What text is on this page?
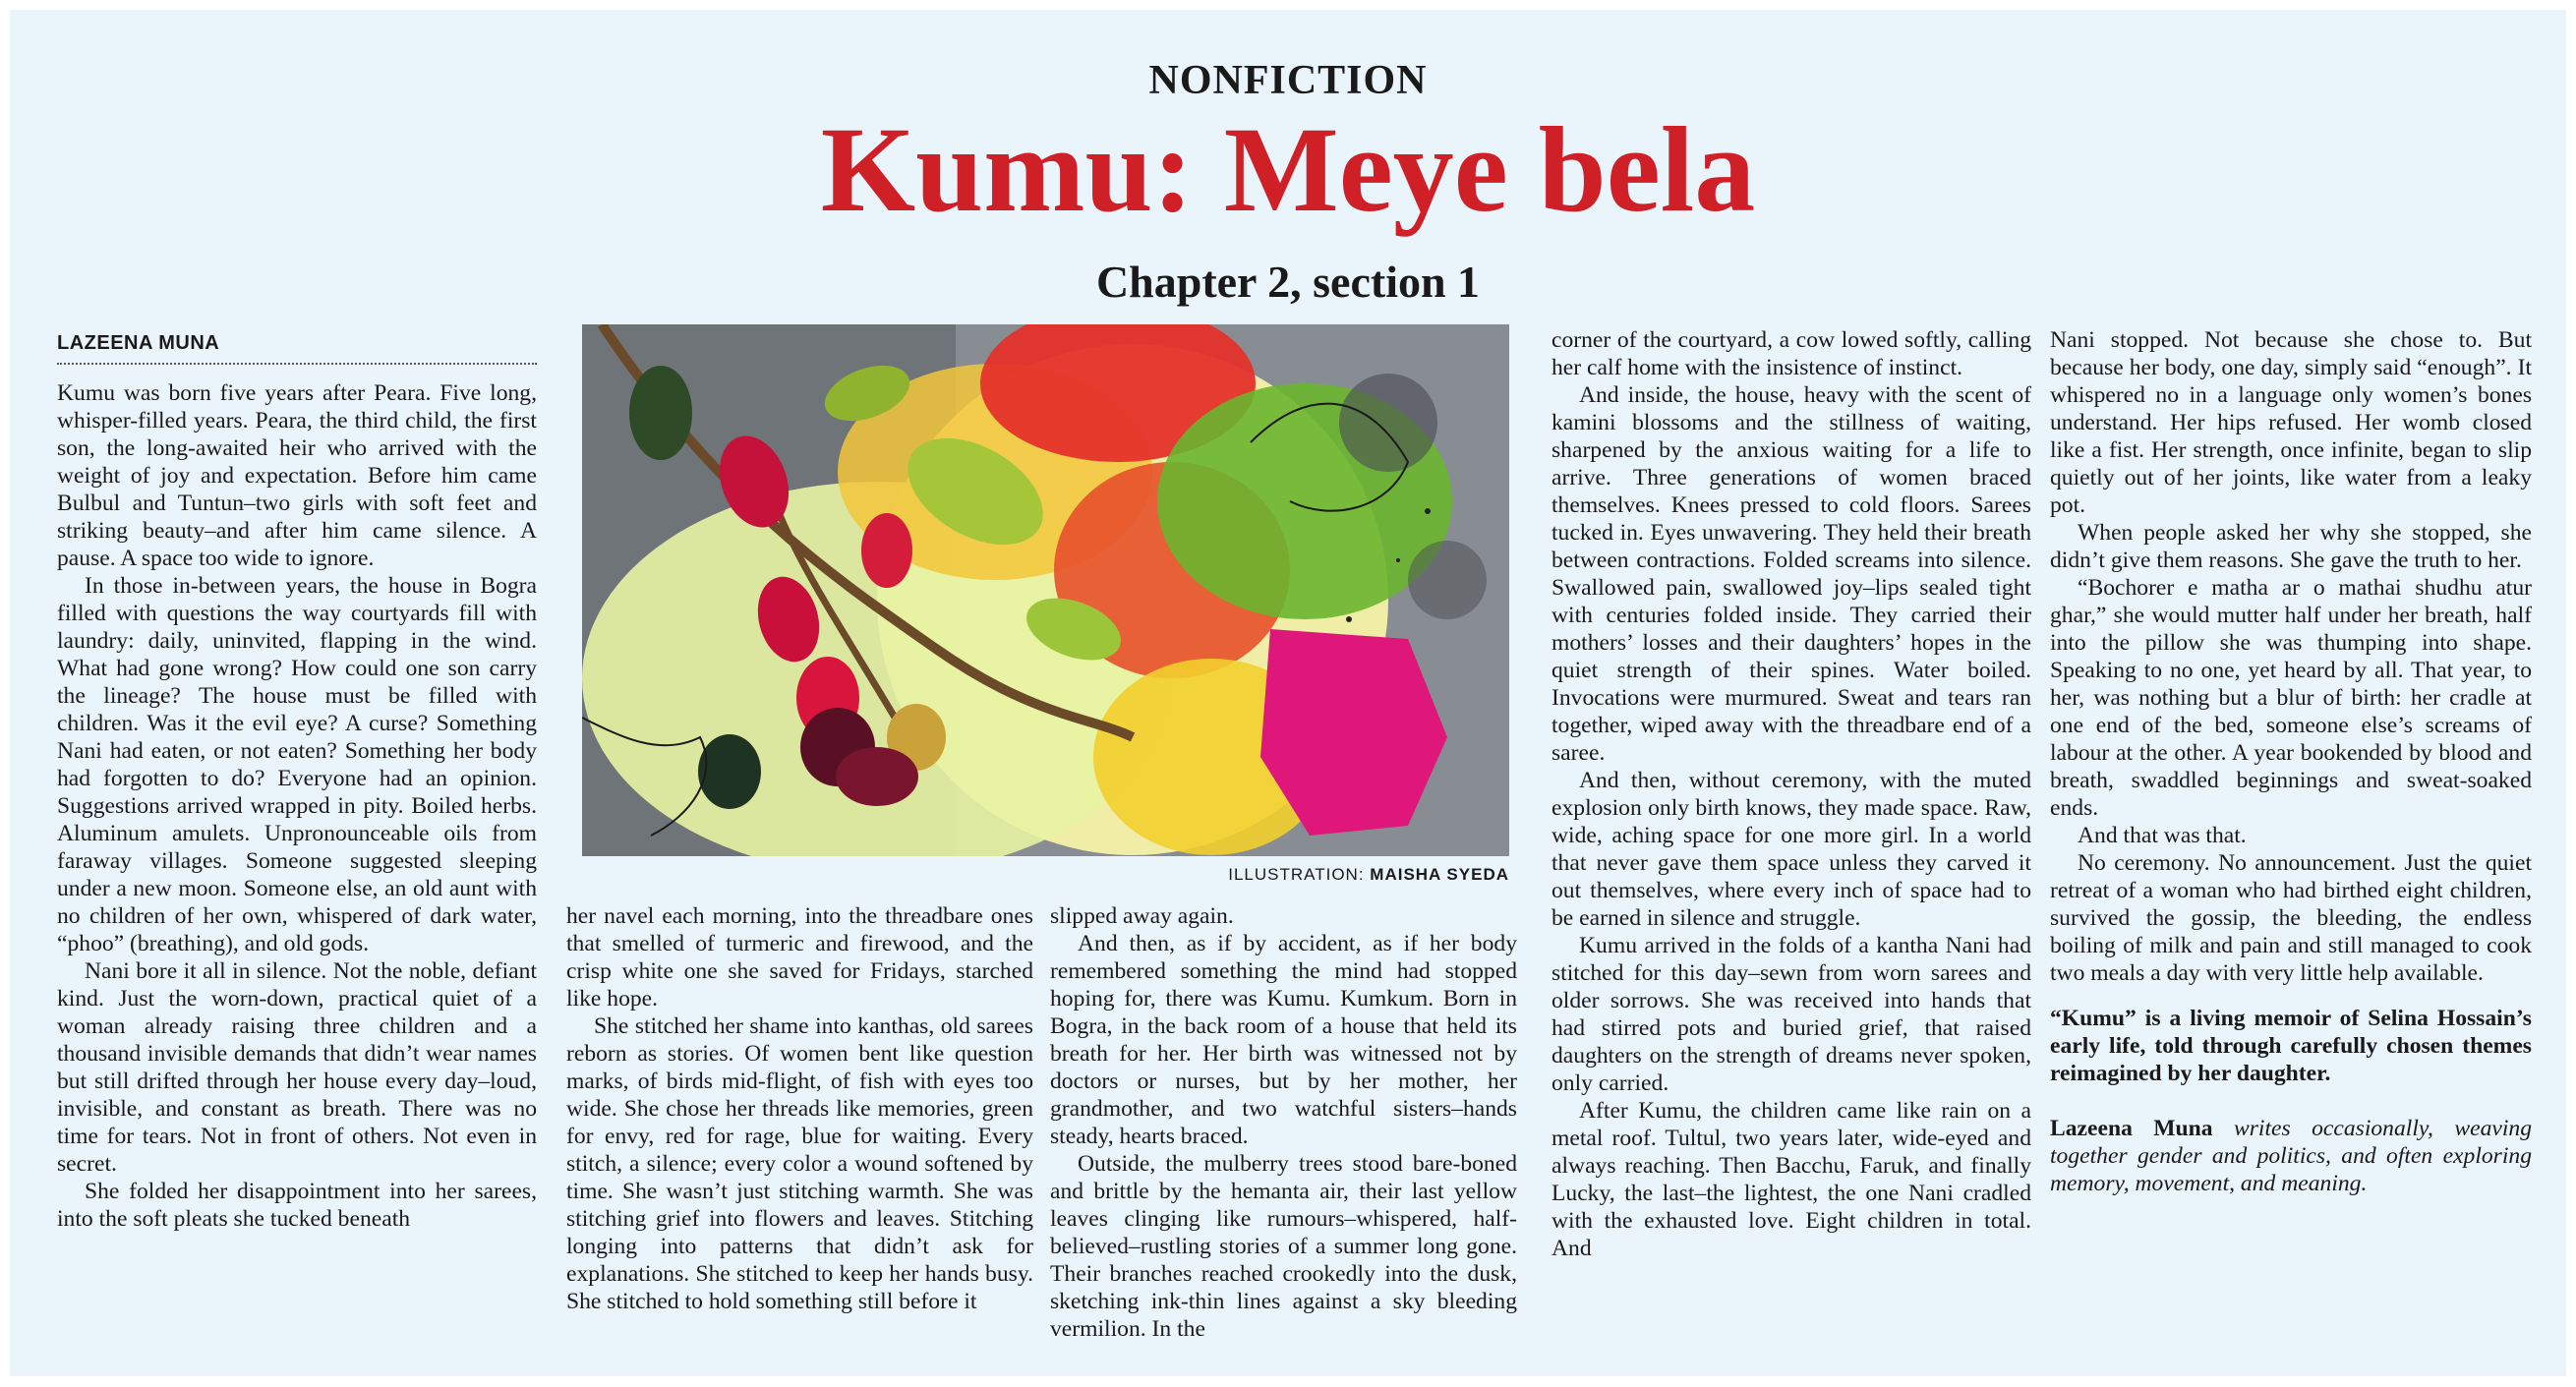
NONFICTION
Kumu: Meye bela
Chapter 2, section 1
LAZEENA MUNA

Kumu was born five years after Peara. Five long, whisper-filled years. Peara, the third child, the first son, the long-awaited heir who arrived with the weight of joy and expectation. Before him came Bulbul and Tuntun–two girls with soft feet and striking beauty–and after him came silence. A pause. A space too wide to ignore.

In those in-between years, the house in Bogra filled with questions the way courtyards fill with laundry: daily, uninvited, flapping in the wind. What had gone wrong? How could one son carry the lineage? The house must be filled with children. Was it the evil eye? A curse? Something Nani had eaten, or not eaten? Something her body had forgotten to do? Everyone had an opinion. Suggestions arrived wrapped in pity. Boiled herbs. Aluminum amulets. Unpronounceable oils from faraway villages. Someone suggested sleeping under a new moon. Someone else, an old aunt with no children of her own, whispered of dark water, “phoo” (breathing), and old gods.

Nani bore it all in silence. Not the noble, defiant kind. Just the worn-down, practical quiet of a woman already raising three children and a thousand invisible demands that didn’t wear names but still drifted through her house every day–loud, invisible, and constant as breath. There was no time for tears. Not in front of others. Not even in secret.

She folded her disappointment into her sarees, into the soft pleats she tucked beneath

ILLUSTRATION: MAISHA SYEDA

her navel each morning, into the threadbare ones that smelled of turmeric and firewood, and the crisp white one she saved for Fridays, starched like hope.

She stitched her shame into kanthas, old sarees reborn as stories. Of women bent like question marks, of birds mid-flight, of fish with eyes too wide. She chose her threads like memories, green for envy, red for rage, blue for waiting. Every stitch, a silence; every color a wound softened by time. She wasn’t just stitching warmth. She was stitching grief into flowers and leaves. Stitching longing into patterns that didn’t ask for explanations. She stitched to keep her hands busy. She stitched to hold something still before it

slipped away again.

And then, as if by accident, as if her body remembered something the mind had stopped hoping for, there was Kumu. Kumkum. Born in Bogra, in the back room of a house that held its breath for her. Her birth was witnessed not by doctors or nurses, but by her mother, her grandmother, and two watchful sisters–hands steady, hearts braced.

Outside, the mulberry trees stood bare-boned and brittle by the hemanta air, their last yellow leaves clinging like rumours–whispered, half-believed–rustling stories of a summer long gone. Their branches reached crookedly into the dusk, sketching ink-thin lines against a sky bleeding vermilion. In the

corner of the courtyard, a cow lowed softly, calling her calf home with the insistence of instinct.

And inside, the house, heavy with the scent of kamini blossoms and the stillness of waiting, sharpened by the anxious waiting for a life to arrive. Three generations of women braced themselves. Knees pressed to cold floors. Sarees tucked in. Eyes unwavering. They held their breath between contractions. Folded screams into silence. Swallowed pain, swallowed joy–lips sealed tight with centuries folded inside. They carried their mothers’ losses and their daughters’ hopes in the quiet strength of their spines. Water boiled. Invocations were murmured. Sweat and tears ran together, wiped away with the threadbare end of a saree.

And then, without ceremony, with the muted explosion only birth knows, they made space. Raw, wide, aching space for one more girl. In a world that never gave them space unless they carved it out themselves, where every inch of space had to be earned in silence and struggle.

Kumu arrived in the folds of a kantha Nani had stitched for this day–sewn from worn sarees and older sorrows. She was received into hands that had stirred pots and buried grief, that raised daughters on the strength of dreams never spoken, only carried.

After Kumu, the children came like rain on a metal roof. Tultul, two years later, wide-eyed and always reaching. Then Bacchu, Faruk, and finally Lucky, the last–the lightest, the one Nani cradled with the exhausted love. Eight children in total. And

Nani stopped. Not because she chose to. But because her body, one day, simply said “enough”. It whispered no in a language only women’s bones understand. Her hips refused. Her womb closed like a fist. Her strength, once infinite, began to slip quietly out of her joints, like water from a leaky pot.

When people asked her why she stopped, she didn’t give them reasons. She gave the truth to her.

“Bochorer e matha ar o mathai shudhu atur ghar,” she would mutter half under her breath, half into the pillow she was thumping into shape. Speaking to no one, yet heard by all. That year, to her, was nothing but a blur of birth: her cradle at one end of the bed, someone else’s screams of labour at the other. A year bookended by blood and breath, swaddled beginnings and sweat-soaked ends.

And that was that.

No ceremony. No announcement. Just the quiet retreat of a woman who had birthed eight children, survived the gossip, the bleeding, the endless boiling of milk and pain and still managed to cook two meals a day with very little help available.

“Kumu” is a living memoir of Selina Hossain’s early life, told through carefully chosen themes reimagined by her daughter.

Lazeena Muna writes occasionally, weaving together gender and politics, and often exploring memory, movement, and meaning.
